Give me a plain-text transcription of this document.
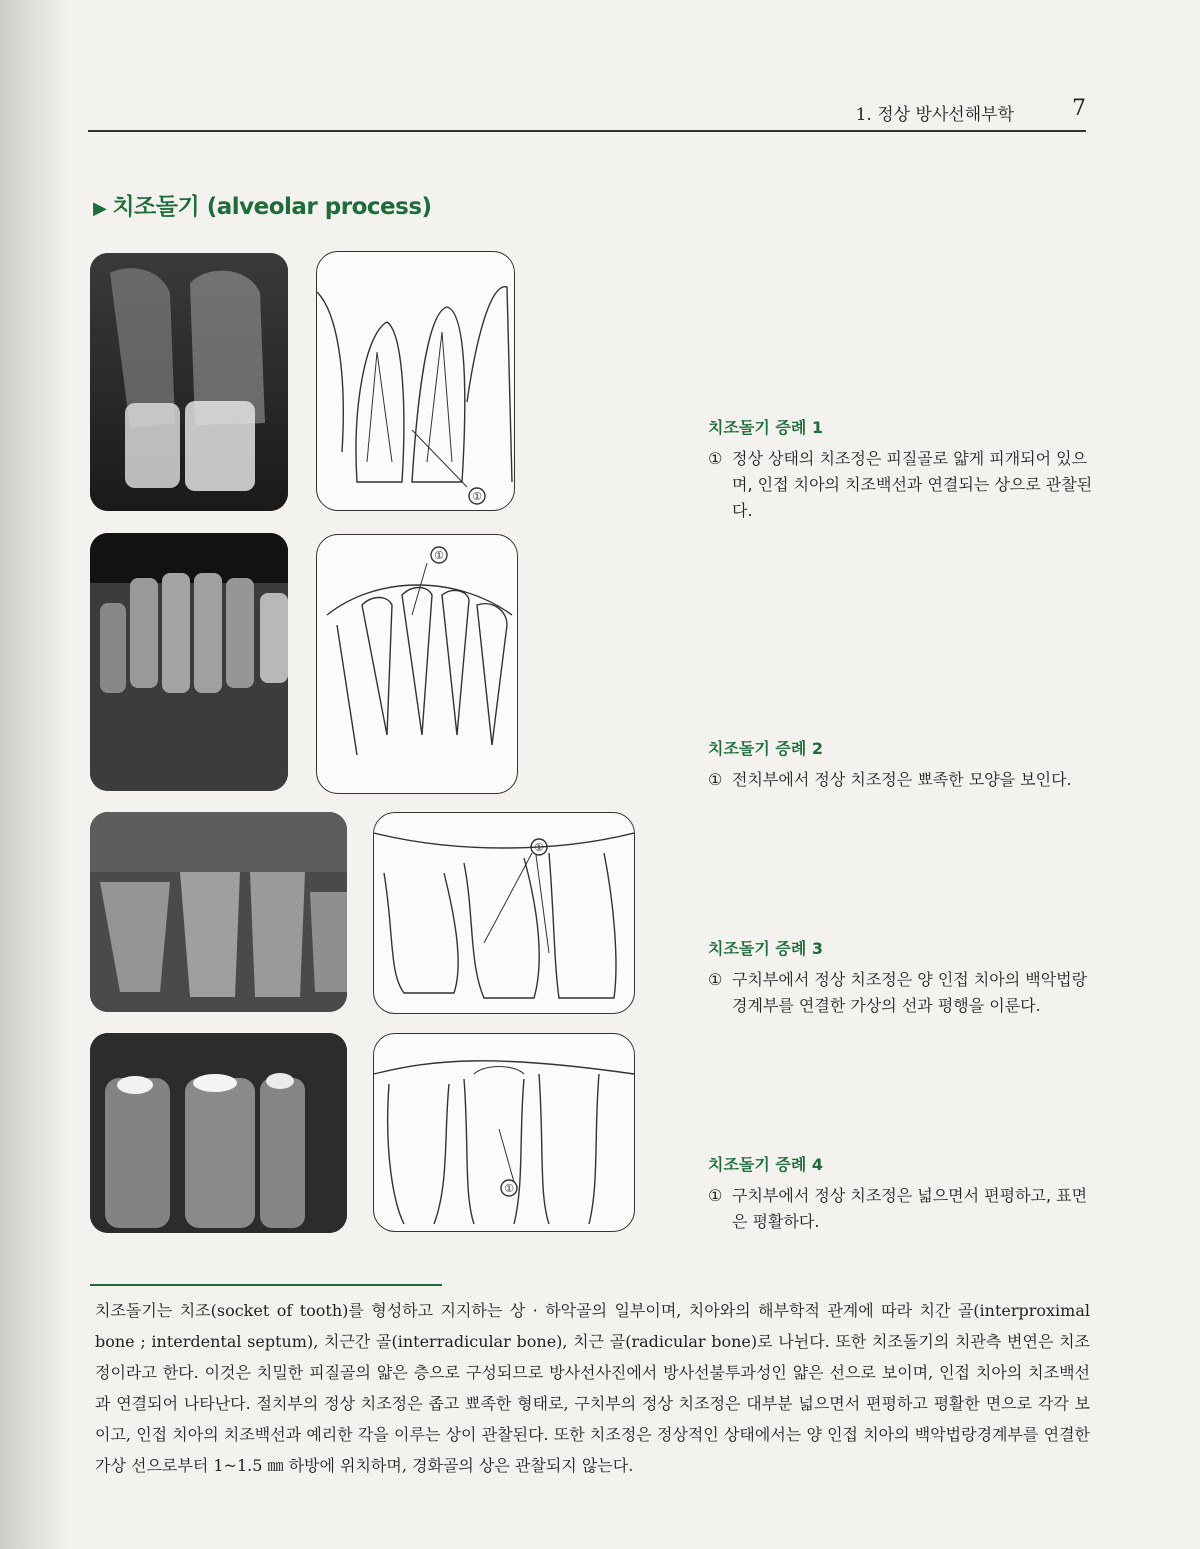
1. 정상 방사선해부학	7
▶ 치조돌기 (alveolar process)
①
①
①
①
치조돌기 증례 1
① 정상 상태의 치조정은 피질골로 얇게 피개되어 있으며, 인접 치아의 치조백선과 연결되는 상으로 관찰된다.
치조돌기 증례 2
① 전치부에서 정상 치조정은 뾰족한 모양을 보인다.
치조돌기 증례 3
① 구치부에서 정상 치조정은 양 인접 치아의 백악법랑경계부를 연결한 가상의 선과 평행을 이룬다.
치조돌기 증례 4
① 구치부에서 정상 치조정은 넓으면서 편평하고, 표면은 평활하다.
치조돌기는 치조(socket of tooth)를 형성하고 지지하는 상 · 하악골의 일부이며, 치아와의 해부학적 관계에 따라 치간 골(interproximal bone ; interdental septum), 치근간 골(interradicular bone), 치근 골(radicular bone)로 나뉜다. 또한 치조돌기의 치관측 변연은 치조정이라고 한다. 이것은 치밀한 피질골의 얇은 층으로 구성되므로 방사선사진에서 방사선불투과성인 얇은 선으로 보이며, 인접 치아의 치조백선과 연결되어 나타난다. 절치부의 정상 치조정은 좁고 뾰족한 형태로, 구치부의 정상 치조정은 대부분 넓으면서 편평하고 평활한 면으로 각각 보이고, 인접 치아의 치조백선과 예리한 각을 이루는 상이 관찰된다. 또한 치조정은 정상적인 상태에서는 양 인접 치아의 백악법랑경계부를 연결한 가상 선으로부터 1~1.5 ㎜ 하방에 위치하며, 경화골의 상은 관찰되지 않는다.
